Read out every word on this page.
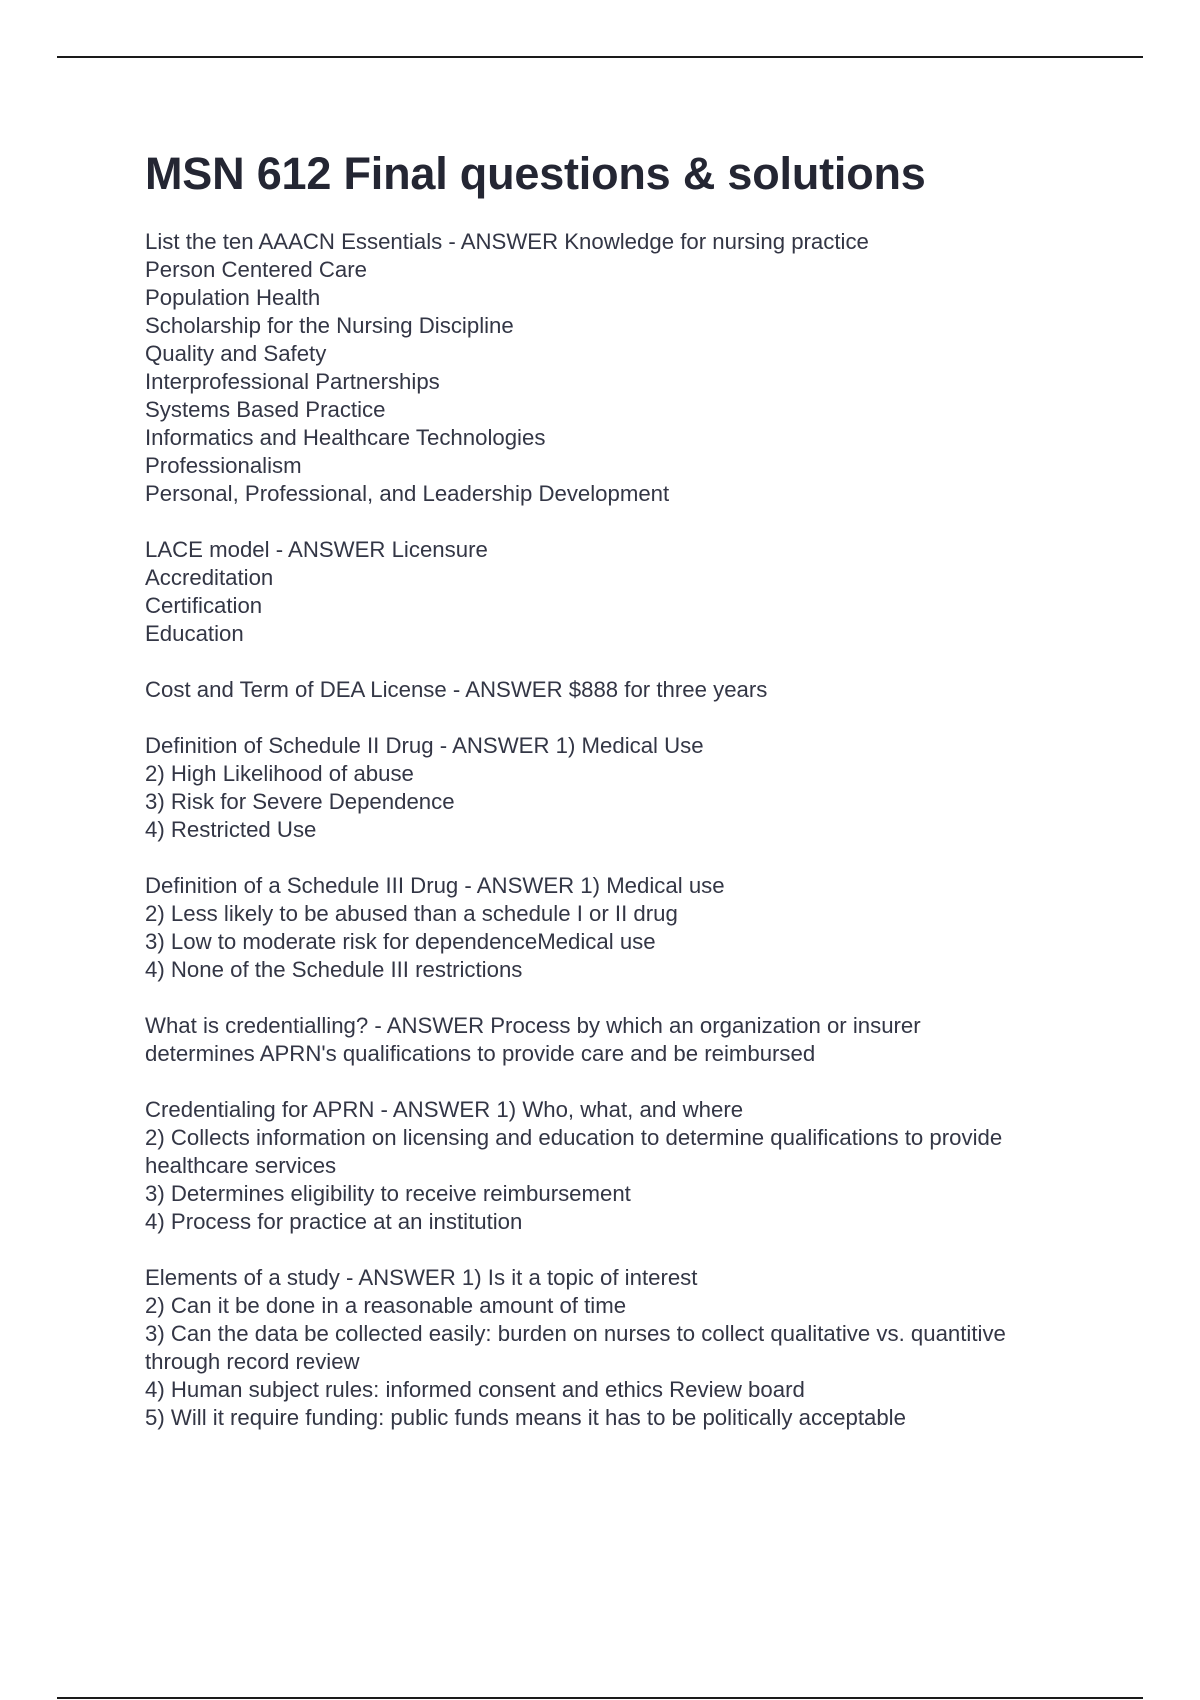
MSN 612 Final questions & solutions
List the ten AAACN Essentials - ANSWER Knowledge for nursing practice
Person Centered Care
Population Health
Scholarship for the Nursing Discipline
Quality and Safety
Interprofessional Partnerships
Systems Based Practice
Informatics and Healthcare Technologies
Professionalism
Personal, Professional, and Leadership Development
LACE model - ANSWER Licensure
Accreditation
Certification
Education
Cost and Term of DEA License - ANSWER $888 for three years
Definition of Schedule II Drug - ANSWER 1) Medical Use
2) High Likelihood of abuse
3) Risk for Severe Dependence
4) Restricted Use
Definition of a Schedule III Drug - ANSWER 1) Medical use
2) Less likely to be abused than a schedule I or II drug
3) Low to moderate risk for dependenceMedical use
4) None of the Schedule III restrictions
What is credentialling? - ANSWER Process by which an organization or insurer
determines APRN's qualifications to provide care and be reimbursed
Credentialing for APRN - ANSWER 1) Who, what, and where
2) Collects information on licensing and education to determine qualifications to provide
healthcare services
3) Determines eligibility to receive reimbursement
4) Process for practice at an institution
Elements of a study - ANSWER 1) Is it a topic of interest
2) Can it be done in a reasonable amount of time
3) Can the data be collected easily: burden on nurses to collect qualitative vs. quantitive
through record review
4) Human subject rules: informed consent and ethics Review board
5) Will it require funding: public funds means it has to be politically acceptable
